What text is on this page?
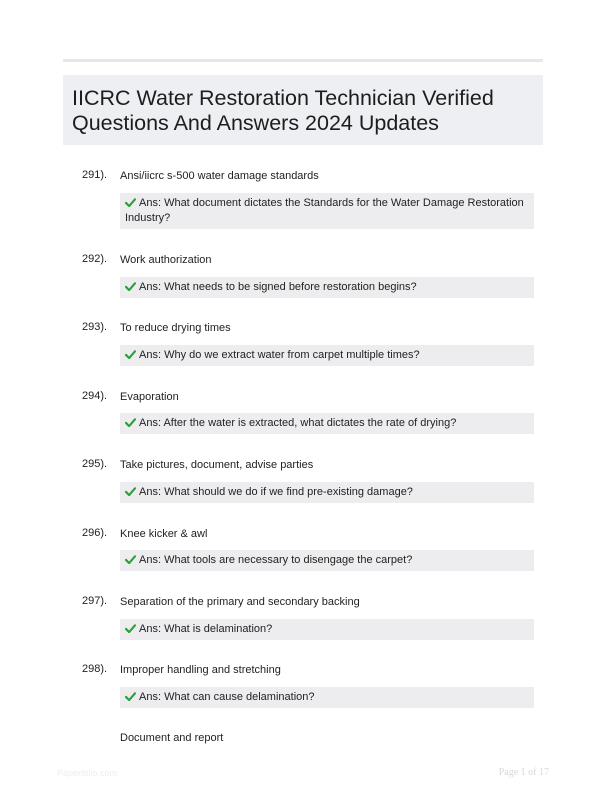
IICRC Water Restoration Technician Verified Questions And Answers 2024 Updates
291). Ansi/iicrc s-500 water damage standards
Ans: What document dictates the Standards for the Water Damage Restoration Industry?
292). Work authorization
Ans: What needs to be signed before restoration begins?
293). To reduce drying times
Ans: Why do we extract water from carpet multiple times?
294). Evaporation
Ans: After the water is extracted, what dictates the rate of drying?
295). Take pictures, document, advise parties
Ans: What should we do if we find pre-existing damage?
296). Knee kicker & awl
Ans: What tools are necessary to disengage the carpet?
297). Separation of the primary and secondary backing
Ans: What is delamination?
298). Improper handling and stretching
Ans: What can cause delamination?
Document and report
Paperfolio.com	Page 1 of 17
